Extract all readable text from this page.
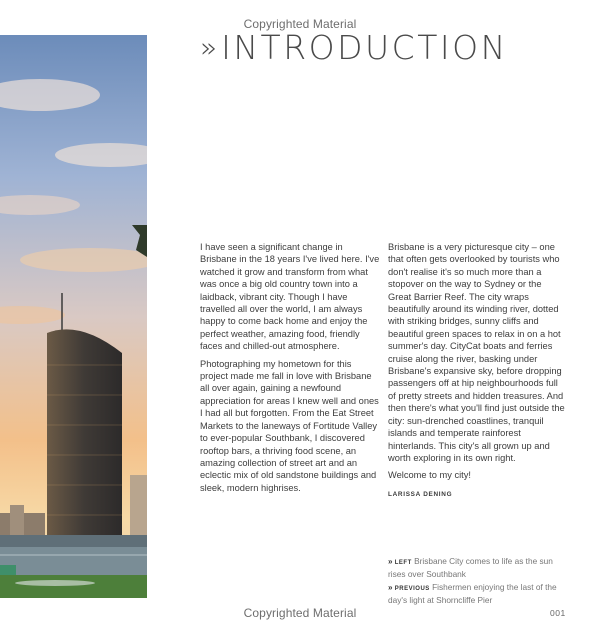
Copyrighted Material
» INTRODUCTION

I have seen a significant change in Brisbane in the 18 years I've lived here. I've watched it grow and transform from what was once a big old country town into a laidback, vibrant city. Though I have travelled all over the world, I am always happy to come back home and enjoy the perfect weather, amazing food, friendly faces and chilled-out atmosphere.

Photographing my hometown for this project made me fall in love with Brisbane all over again, gaining a newfound appreciation for areas I knew well and ones I had all but forgotten. From the Eat Street Markets to the laneways of Fortitude Valley to ever-popular Southbank, I discovered rooftop bars, a thriving food scene, an amazing collection of street art and an eclectic mix of old sandstone buildings and sleek, modern highrises.

Brisbane is a very picturesque city – one that often gets overlooked by tourists who don't realise it's so much more than a stopover on the way to Sydney or the Great Barrier Reef. The city wraps beautifully around its winding river, dotted with striking bridges, sunny cliffs and beautiful green spaces to relax in on a hot summer's day. CityCat boats and ferries cruise along the river, basking under Brisbane's expansive sky, before dropping passengers off at hip neighbourhoods full of pretty streets and hidden treasures. And then there's what you'll find just outside the city: sun-drenched coastlines, tranquil islands and temperate rainforest hinterlands. This city's all grown up and worth exploring in its own right.

Welcome to my city!

LARISSA DENING
» LEFT Brisbane City comes to life as the sun rises over Southbank
» PREVIOUS Fishermen enjoying the last of the day's light at Shorncliffe Pier
Copyrighted Material	001
